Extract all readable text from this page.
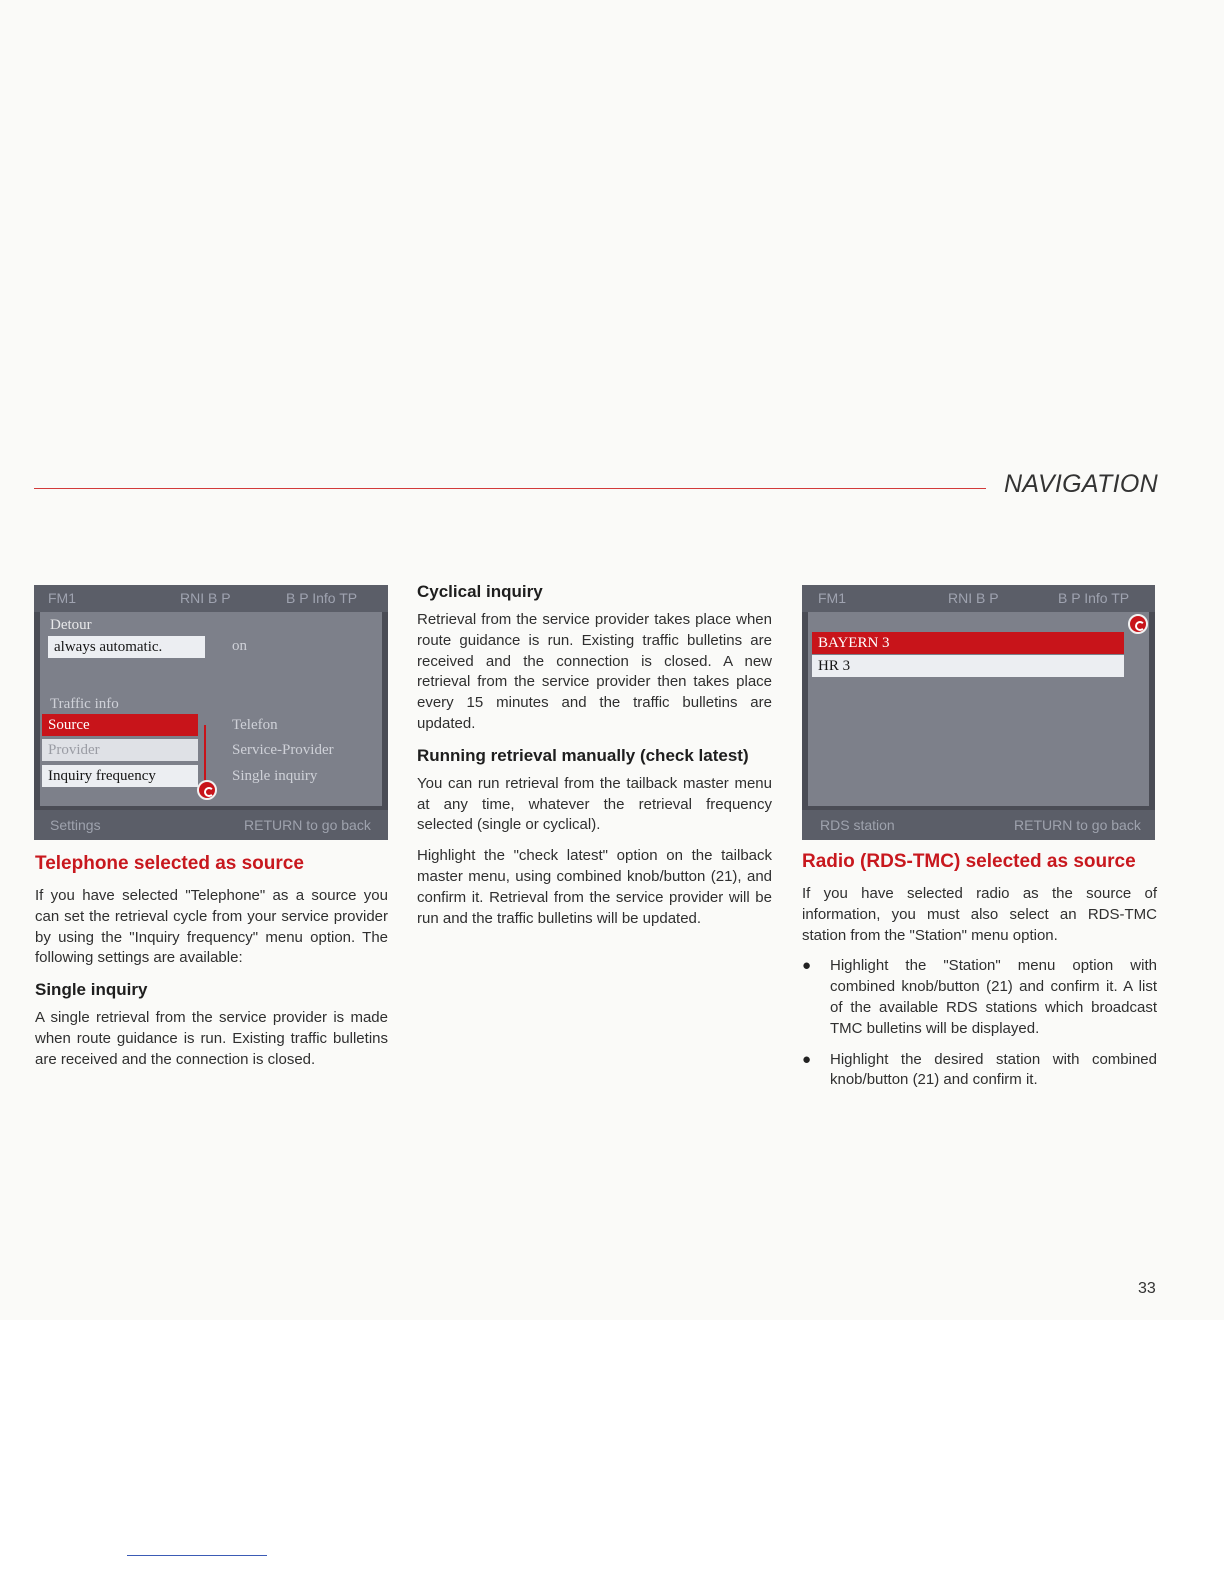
NAVIGATION
FM1	RNI B P	B P Info TP
Detour
always automatic.	on
Traffic info
Source	Telefon
Provider	Service-Provider
Inquiry frequency	Single inquiry
Settings	RETURN to go back
FM1	RNI B P	B P Info TP
BAYERN 3
HR 3
RDS station	RETURN to go back
Telephone selected as source

If you have selected "Telephone" as a source you can set the retrieval cycle from your service provider by using the "Inquiry frequency" menu option. The following settings are available:

Single inquiry

A single retrieval from the service provider is made when route guidance is run. Existing traffic bulletins are received and the connection is closed.

Cyclical inquiry

Retrieval from the service provider takes place when route guidance is run. Existing traffic bulletins are received and the connection is closed. A new retrieval from the service provider then takes place every 15 minutes and the traffic bulletins are updated.

Running retrieval manually (check latest)

You can run retrieval from the tailback master menu at any time, whatever the retrieval frequency selected (single or cyclical).

Highlight the "check latest" option on the tailback master menu, using combined knob/button (21), and confirm it. Retrieval from the service provider will be run and the traffic bulletins will be updated.

Radio (RDS-TMC) selected as source

If you have selected radio as the source of information, you must also select an RDS-TMC station from the "Station" menu option.

●	Highlight the "Station" menu option with combined knob/button (21) and confirm it. A list of the available RDS stations which broadcast TMC bulletins will be displayed.

●	Highlight the desired station with combined knob/button (21) and confirm it.

33
